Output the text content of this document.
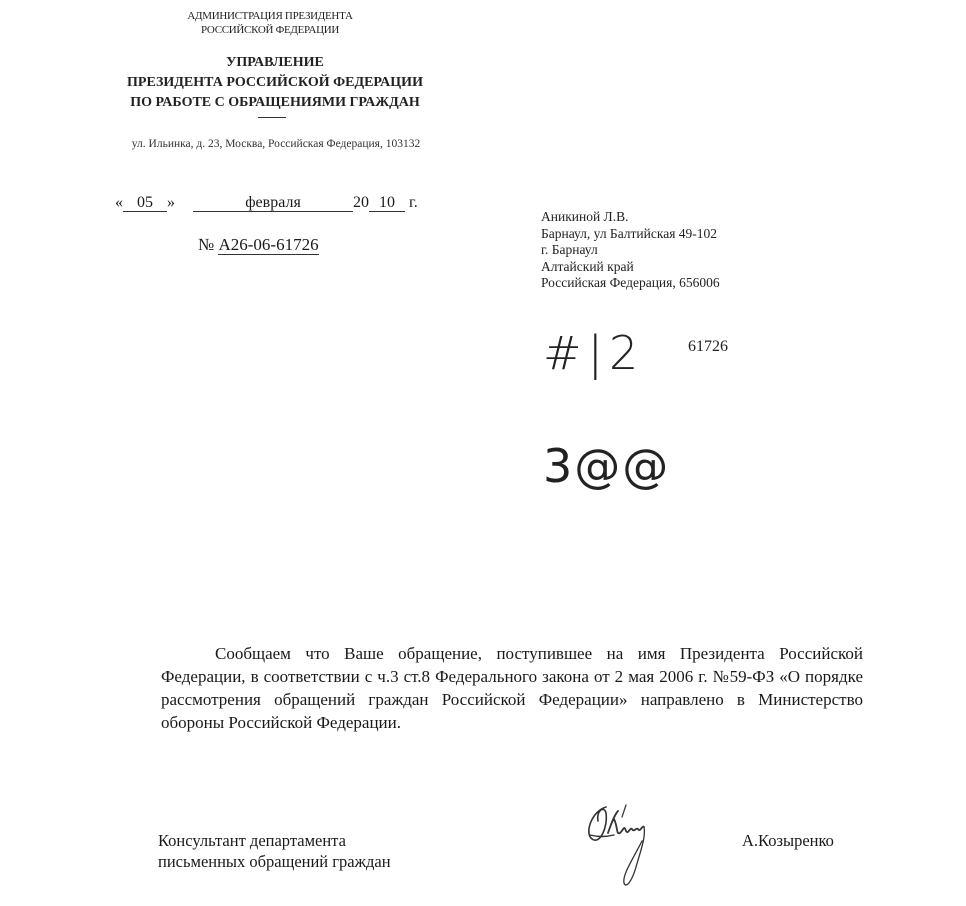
АДМИНИСТРАЦИЯ ПРЕЗИДЕНТА
РОССИЙСКОЙ ФЕДЕРАЦИИ
УПРАВЛЕНИЕ
ПРЕЗИДЕНТА РОССИЙСКОЙ ФЕДЕРАЦИИ
ПО РАБОТЕ С ОБРАЩЕНИЯМИ ГРАЖДАН
ул. Ильинка, д. 23, Москва, Российская Федерация, 103132
« 05 »	февраля	20 10 г.
№ А26-06-61726
Аникиной Л.В.
Барнаул, ул Балтийская 49-102
г. Барнаул
Алтайский край
Российская Федерация, 656006
#|2	61726
3@@
Сообщаем что Ваше обращение, поступившее на имя Президента Российской Федерации, в соответствии с ч.3 ст.8 Федерального закона от 2 мая 2006 г. №59-ФЗ «О порядке рассмотрения обращений граждан Российской Федерации» направлено в Министерство обороны Российской Федерации.
Консультант департамента
письменных обращений граждан
А.Козыренко
